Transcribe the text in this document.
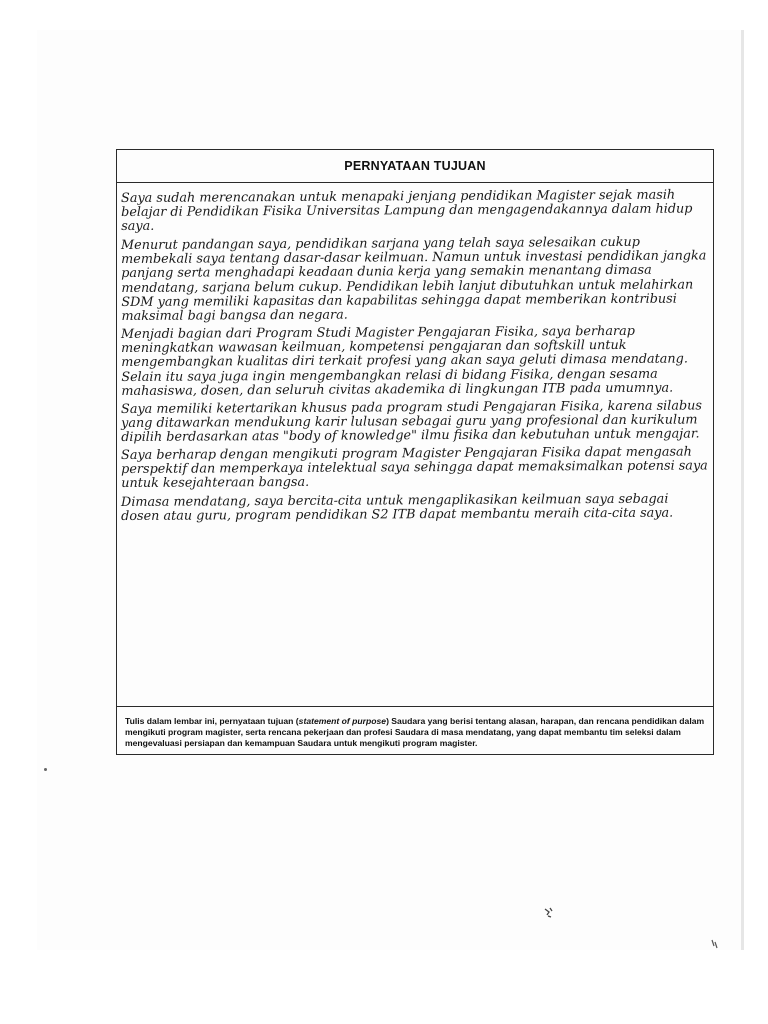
PERNYATAAN TUJUAN

Saya sudah merencanakan untuk menapaki jenjang pendidikan Magister sejak masih belajar di Pendidikan Fisika Universitas Lampung dan mengagendakannya dalam hidup saya.

Menurut pandangan saya, pendidikan sarjana yang telah saya selesaikan cukup membekali saya tentang dasar-dasar keilmuan. Namun untuk investasi pendidikan jangka panjang serta menghadapi keadaan dunia kerja yang semakin menantang dimasa mendatang, sarjana belum cukup. Pendidikan lebih lanjut dibutuhkan untuk melahirkan SDM yang memiliki kapasitas dan kapabilitas sehingga dapat memberikan kontribusi maksimal bagi bangsa dan negara.

Menjadi bagian dari Program Studi Magister Pengajaran Fisika, saya berharap meningkatkan wawasan keilmuan, kompetensi pengajaran dan softskill untuk mengembangkan kualitas diri terkait profesi yang akan saya geluti dimasa mendatang. Selain itu saya juga ingin mengembangkan relasi di bidang Fisika, dengan sesama mahasiswa, dosen, dan seluruh civitas akademika di lingkungan ITB pada umumnya.

Saya memiliki ketertarikan khusus pada program studi Pengajaran Fisika, karena silabus yang ditawarkan mendukung karir lulusan sebagai guru yang profesional dan kurikulum dipilih berdasarkan atas "body of knowledge" ilmu fisika dan kebutuhan untuk mengajar.

Saya berharap dengan mengikuti program Magister Pengajaran Fisika dapat mengasah perspektif dan memperkaya intelektual saya sehingga dapat memaksimalkan potensi saya untuk kesejahteraan bangsa.

Dimasa mendatang, saya bercita-cita untuk mengaplikasikan keilmuan saya sebagai dosen atau guru, program pendidikan S2 ITB dapat membantu meraih cita-cita saya.

Tulis dalam lembar ini, pernyataan tujuan (statement of purpose) Saudara yang berisi tentang alasan, harapan, dan rencana pendidikan dalam mengikuti program magister, serta rencana pekerjaan dan profesi Saudara di masa mendatang, yang dapat membantu tim seleksi dalam mengevaluasi persiapan dan kemampuan Saudara untuk mengikuti program magister.
